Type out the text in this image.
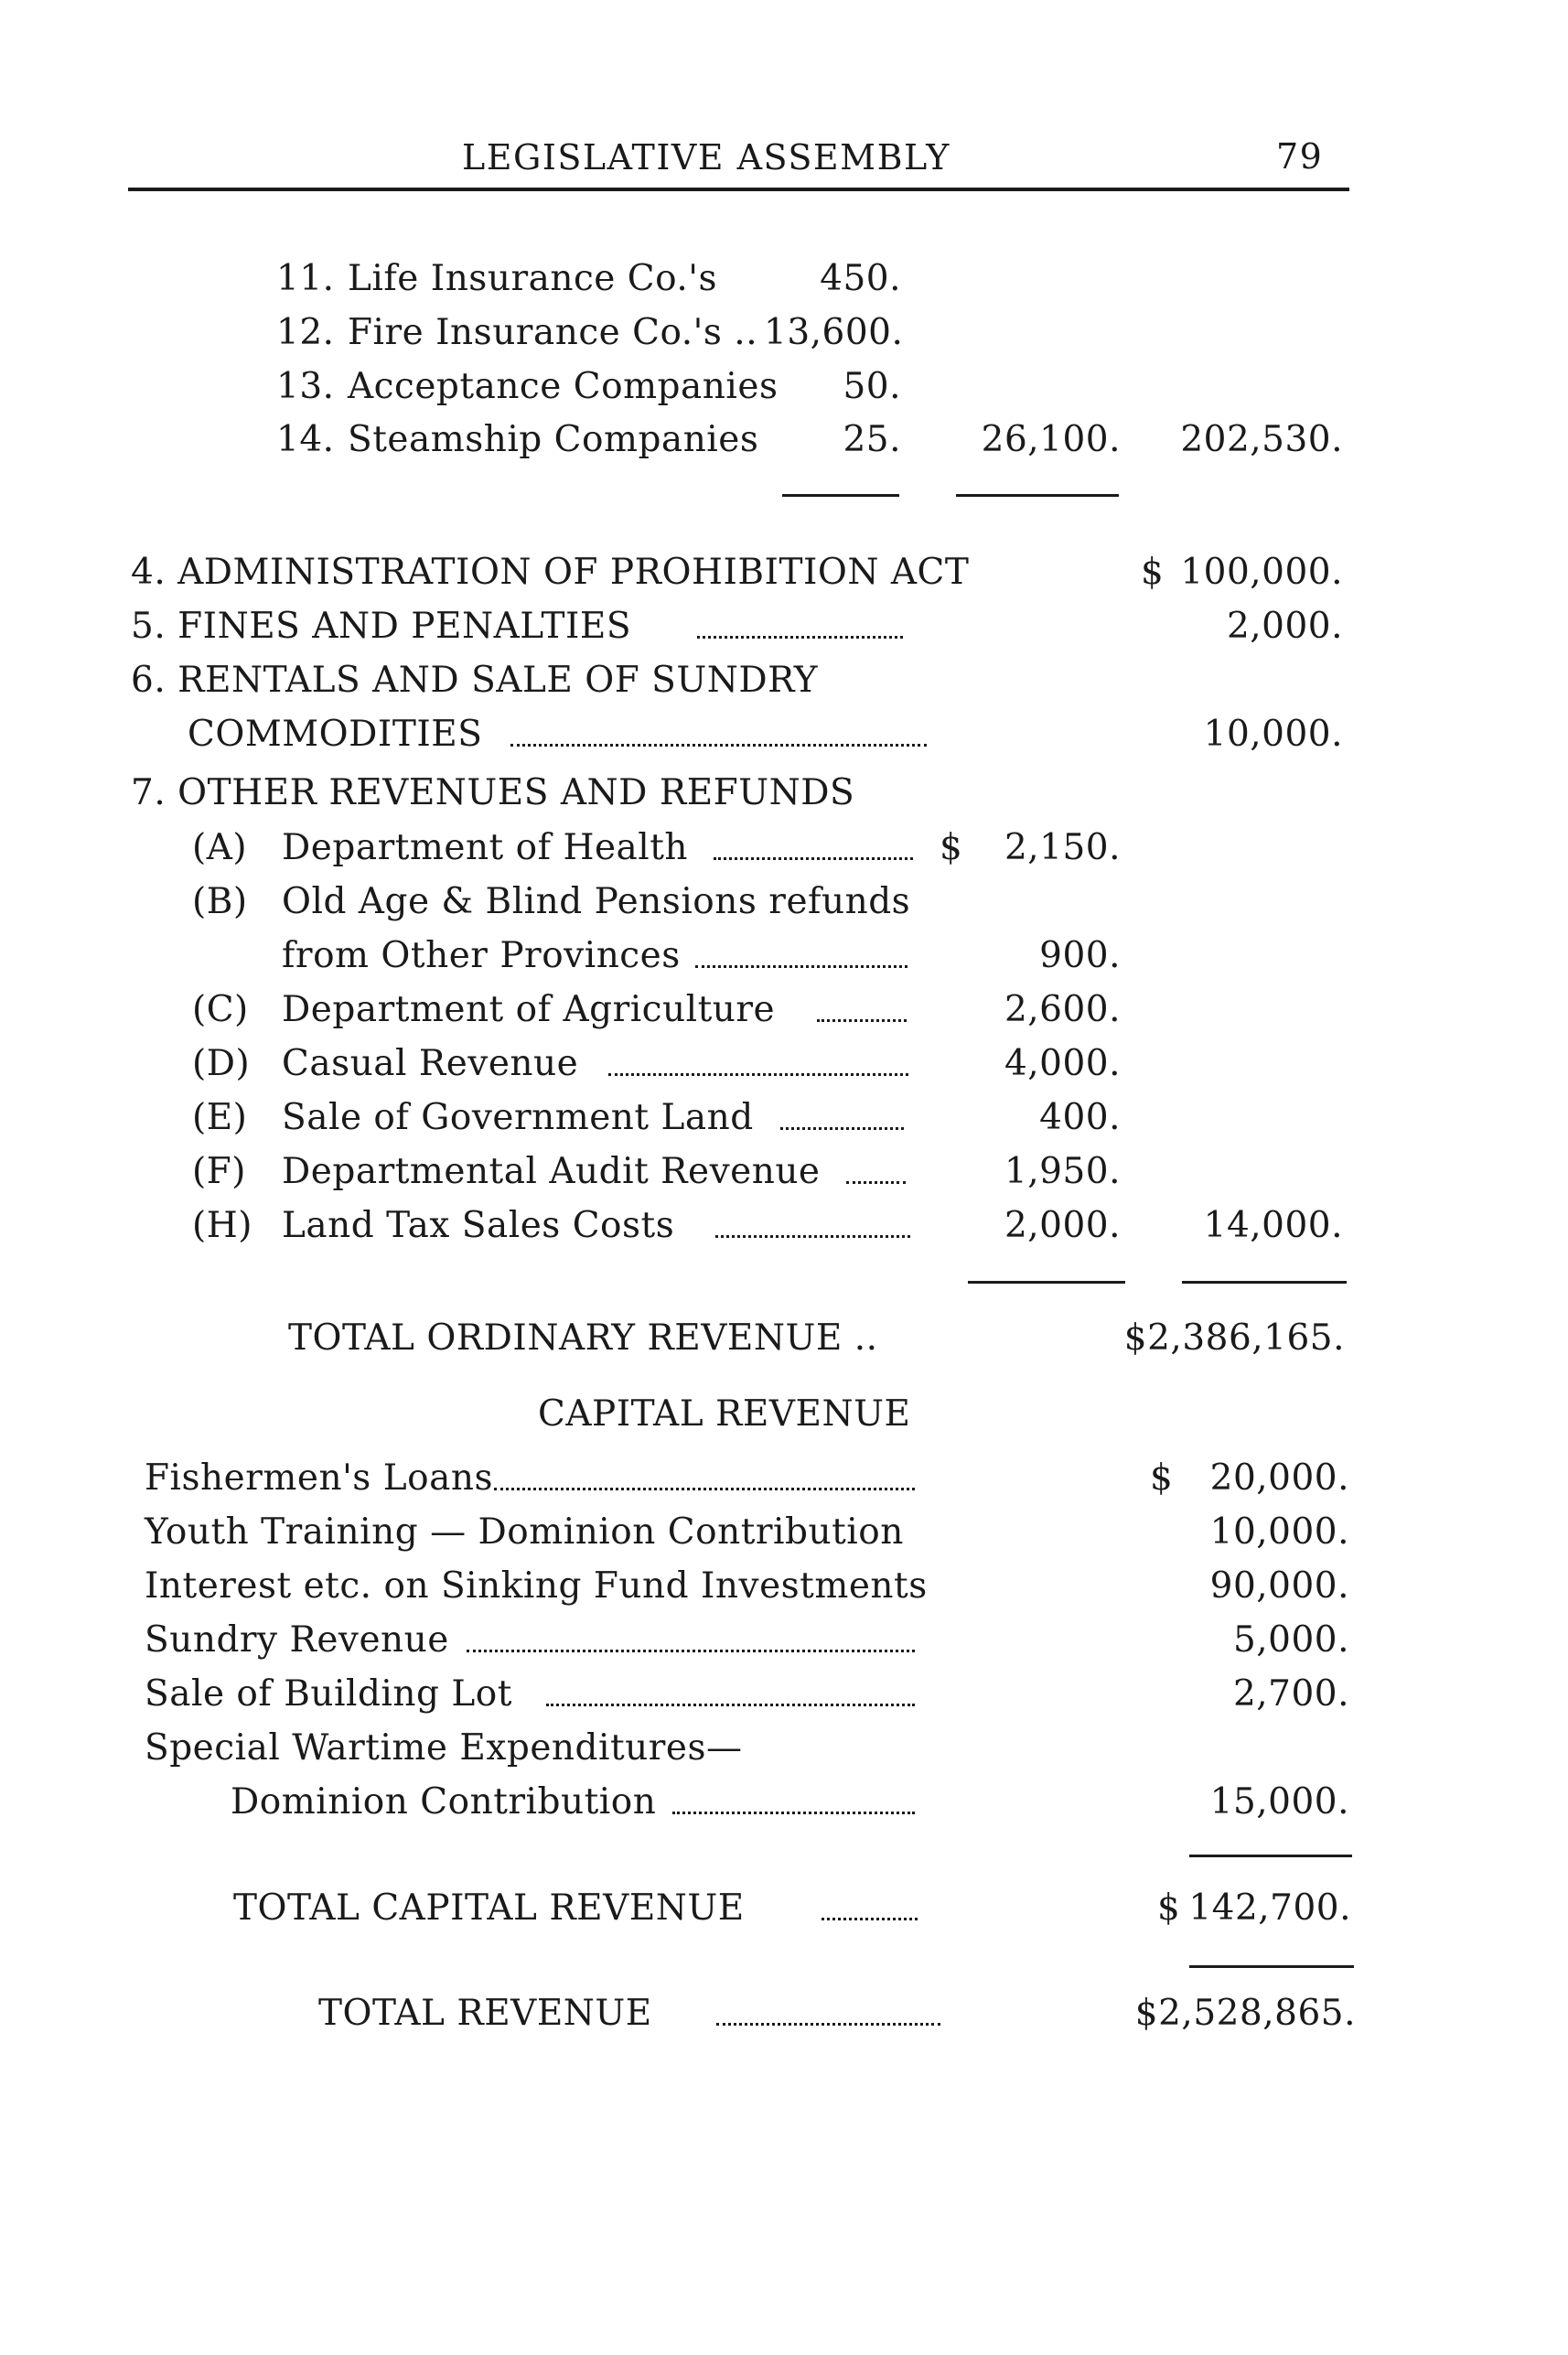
LEGISLATIVE ASSEMBLY	79
11. Life Insurance Co.'s	450.
12. Fire Insurance Co.'s .. 13,600.
13. Acceptance Companies	50.
14. Steamship Companies	25.	26,100.	202,530.
4. ADMINISTRATION OF PROHIBITION ACT	$ 100,000.
5. FINES AND PENALTIES	2,000.
6. RENTALS AND SALE OF SUNDRY
COMMODITIES	10,000.
7. OTHER REVENUES AND REFUNDS
(A) Department of Health	$	2,150.
(B) Old Age & Blind Pensions refunds
from Other Provinces	900.
(C) Department of Agriculture	2,600.
(D) Casual Revenue	4,000.
(E) Sale of Government Land	400.
(F) Departmental Audit Revenue	1,950.
(H) Land Tax Sales Costs	2,000.	14,000.
TOTAL ORDINARY REVENUE ..	$2,386,165.
CAPITAL REVENUE
Fishermen's Loans	$	20,000.
Youth Training — Dominion Contribution	10,000.
Interest etc. on Sinking Fund Investments	90,000.
Sundry Revenue	5,000.
Sale of Building Lot	2,700.
Special Wartime Expenditures—
Dominion Contribution	15,000.
TOTAL CAPITAL REVENUE	$ 142,700.
TOTAL REVENUE	$2,528,865.
